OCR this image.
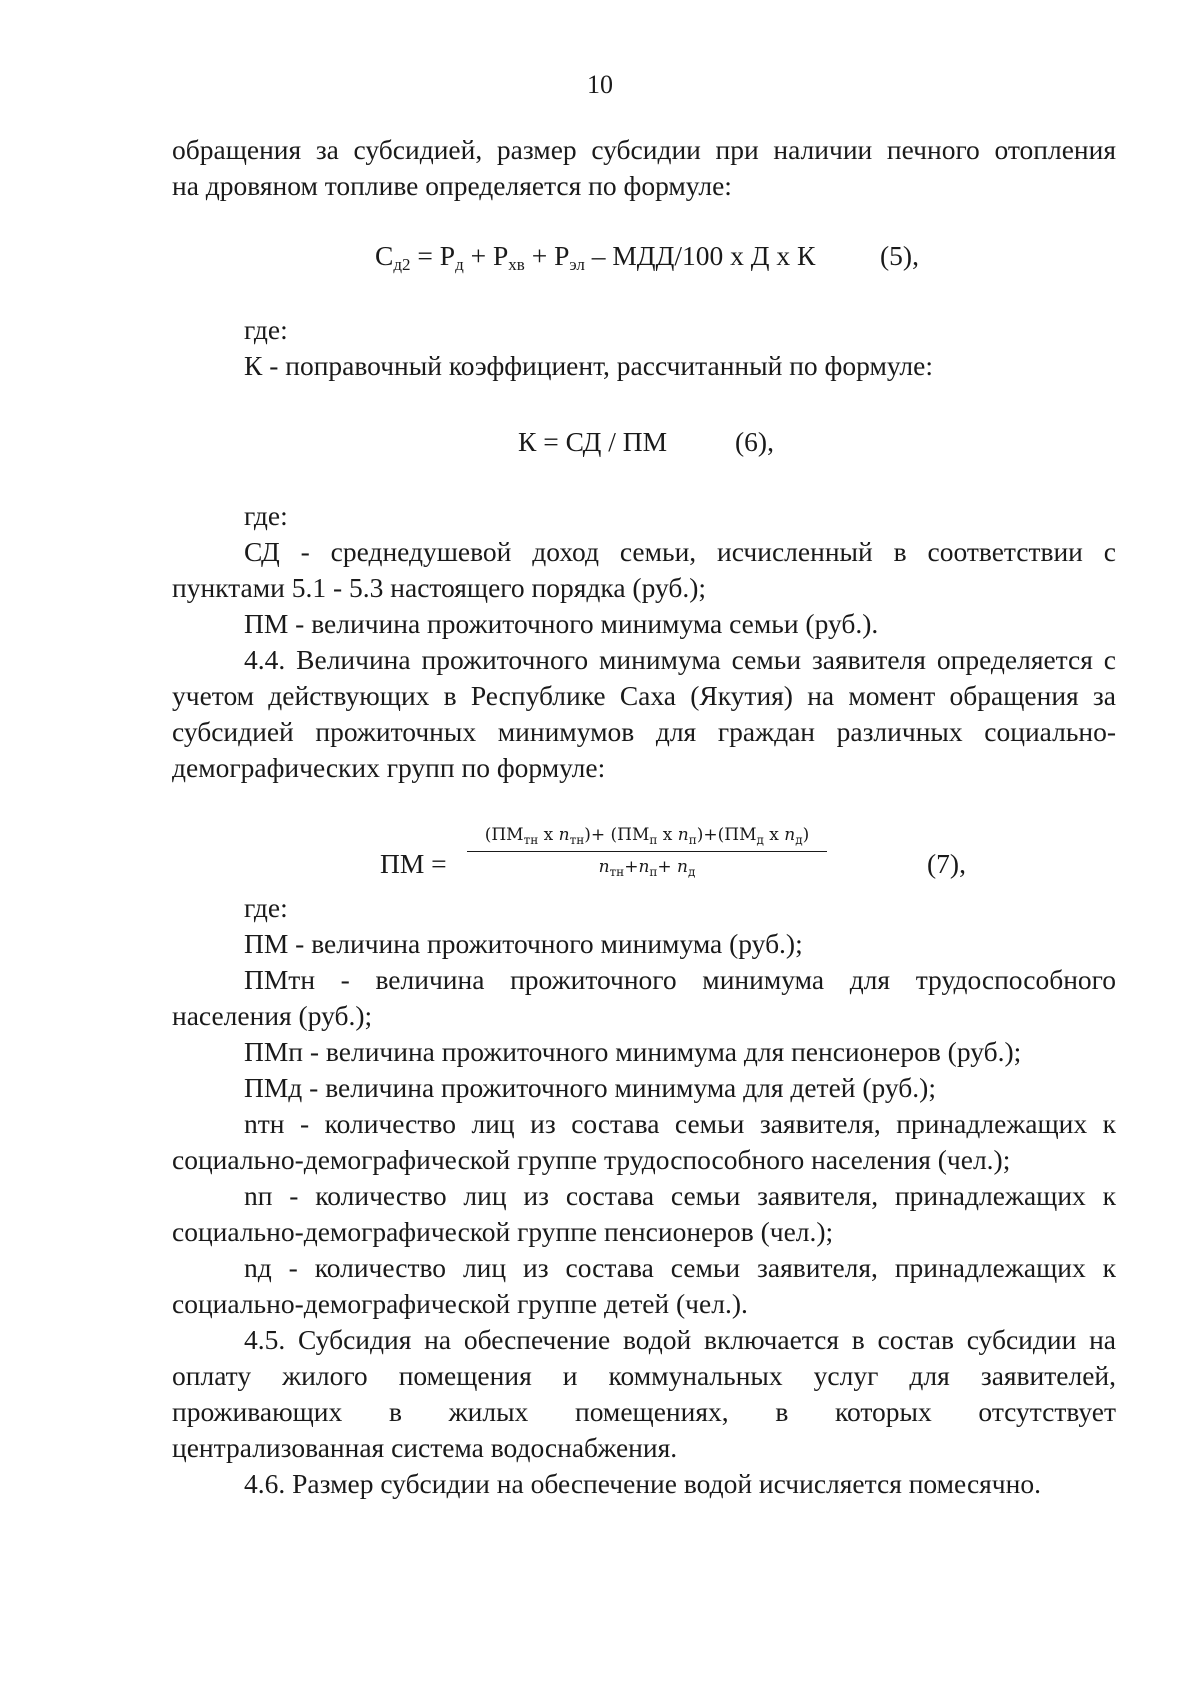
10

обращения за субсидией, размер субсидии при наличии печного отопления

на дровяном топливе определяется по формуле:

$С_{д2} = Р_д + Р_{хв} + Р_{эл} - МДД/100$ х Д х К (5),

где:

К - поправочный коэффициент, рассчитанный по формуле:

К = СД / ПМ (6),

где:

СД - среднедушевой доход семьи, исчисленный в соответствии с

пунктами 5.1 - 5.3 настоящего порядка (руб.);

ПМ - величина прожиточного минимума семьи (руб.).

4.4. Величина прожиточного минимума семьи заявителя определяется с

учетом действующих в Республике Саха (Якутия) на момент обращения за

субсидией прожиточных минимумов для граждан различных социально-

демографических групп по формуле:

ПМ =
($ПМ_{тн}$ х $n_{тн})+ (ПМ_п$ х $n_п)+(ПМ_д$ х $n_д$)
$n_{тн}+n_п+ n_д$	(7),

где:

ПМ - величина прожиточного минимума (руб.);

ПМтн - величина прожиточного минимума для трудоспособного

населения (руб.);

ПМп - величина прожиточного минимума для пенсионеров (руб.);

ПМд - величина прожиточного минимума для детей (руб.);

nтн - количество лиц из состава семьи заявителя, принадлежащих к

социально-демографической группе трудоспособного населения (чел.);

nп - количество лиц из состава семьи заявителя, принадлежащих к

социально-демографической группе пенсионеров (чел.);

nд - количество лиц из состава семьи заявителя, принадлежащих к

социально-демографической группе детей (чел.).

4.5. Субсидия на обеспечение водой включается в состав субсидии на

оплату жилого помещения и коммунальных услуг для заявителей,

проживающих в жилых помещениях, в которых отсутствует

централизованная система водоснабжения.

4.6. Размер субсидии на обеспечение водой исчисляется помесячно.
